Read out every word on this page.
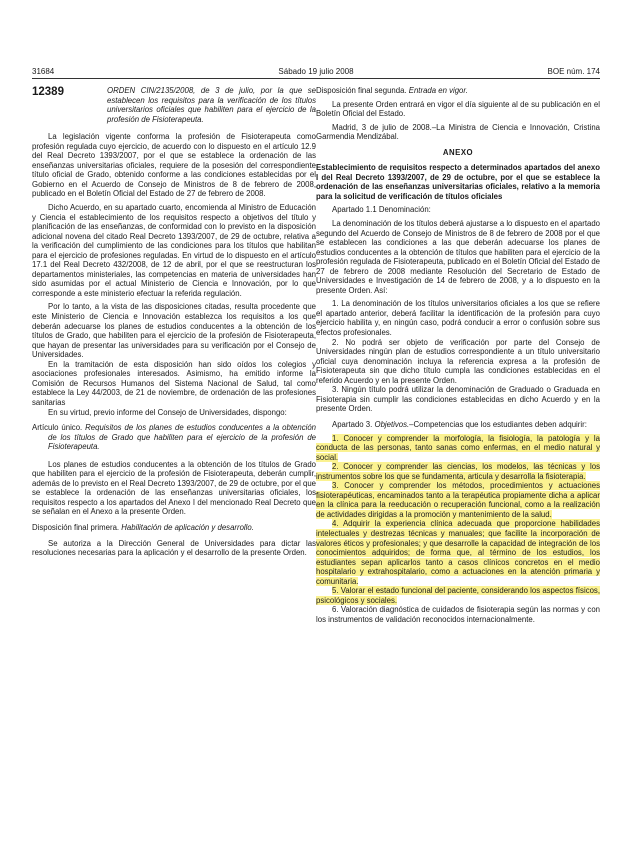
31684	Sábado 19 julio 2008	BOE núm. 174
12389	ORDEN CIN/2135/2008, de 3 de julio, por la que se establecen los requisitos para la verificación de los títulos universitarios oficiales que habiliten para el ejercicio de la profesión de Fisioterapeuta.

La legislación vigente conforma la profesión de Fisioterapeuta como profesión regulada cuyo ejercicio, de acuerdo con lo dispuesto en el artículo 12.9 del Real Decreto 1393/2007, por el que se establece la ordenación de las enseñanzas universitarias oficiales, requiere de la posesión del correspondiente título oficial de Grado, obtenido conforme a las condiciones establecidas por el Gobierno en el Acuerdo de Consejo de Ministros de 8 de febrero de 2008, publicado en el Boletín Oficial del Estado de 27 de febrero de 2008.

Dicho Acuerdo, en su apartado cuarto, encomienda al Ministro de Educación y Ciencia el establecimiento de los requisitos respecto a objetivos del título y planificación de las enseñanzas, de conformidad con lo previsto en la disposición adicional novena del citado Real Decreto 1393/2007, de 29 de octubre, relativa a la verificación del cumplimiento de las condiciones para los títulos que habilitan para el ejercicio de profesiones reguladas. En virtud de lo dispuesto en el artículo 17.1 del Real Decreto 432/2008, de 12 de abril, por el que se reestructuran los departamentos ministeriales, las competencias en materia de universidades han sido asumidas por el actual Ministerio de Ciencia e Innovación, por lo que corresponde a este ministerio efectuar la referida regulación.

Por lo tanto, a la vista de las disposiciones citadas, resulta procedente que este Ministerio de Ciencia e Innovación establezca los requisitos a los que deberán adecuarse los planes de estudios conducentes a la obtención de los títulos de Grado, que habiliten para el ejercicio de la profesión de Fisioterapeuta, que hayan de presentar las universidades para su verificación por el Consejo de Universidades.

En la tramitación de esta disposición han sido oídos los colegios y asociaciones profesionales interesados. Asimismo, ha emitido informe la Comisión de Recursos Humanos del Sistema Nacional de Salud, tal como establece la Ley 44/2003, de 21 de noviembre, de ordenación de las profesiones sanitarias

En su virtud, previo informe del Consejo de Universidades, dispongo:

Artículo único. Requisitos de los planes de estudios conducentes a la obtención de los títulos de Grado que habiliten para el ejercicio de la profesión de Fisioterapeuta.

Los planes de estudios conducentes a la obtención de los títulos de Grado que habiliten para el ejercicio de la profesión de Fisioterapeuta, deberán cumplir, además de lo previsto en el Real Decreto 1393/2007, de 29 de octubre, por el que se establece la ordenación de las enseñanzas universitarias oficiales, los requisitos respecto a los apartados del Anexo I del mencionado Real Decreto que se señalan en el Anexo a la presente Orden.

Disposición final primera. Habilitación de aplicación y desarrollo.

Se autoriza a la Dirección General de Universidades para dictar las resoluciones necesarias para la aplicación y el desarrollo de la presente Orden.

Disposición final segunda. Entrada en vigor.

La presente Orden entrará en vigor el día siguiente al de su publicación en el Boletín Oficial del Estado.

Madrid, 3 de julio de 2008.–La Ministra de Ciencia e Innovación, Cristina Garmendia Mendizábal.

ANEXO

Establecimiento de requisitos respecto a determinados apartados del anexo I del Real Decreto 1393/2007, de 29 de octubre, por el que se establece la ordenación de las enseñanzas universitarias oficiales, relativo a la memoria para la solicitud de verificación de títulos oficiales

Apartado 1.1 Denominación:

La denominación de los títulos deberá ajustarse a lo dispuesto en el apartado segundo del Acuerdo de Consejo de Ministros de 8 de febrero de 2008 por el que se establecen las condiciones a las que deberán adecuarse los planes de estudios conducentes a la obtención de títulos que habiliten para el ejercicio de la profesión regulada de Fisioterapeuta, publicado en el Boletín Oficial del Estado de 27 de febrero de 2008 mediante Resolución del Secretario de Estado de Universidades e Investigación de 14 de febrero de 2008, y a lo dispuesto en la presente Orden. Así:

1. La denominación de los títulos universitarios oficiales a los que se refiere el apartado anterior, deberá facilitar la identificación de la profesión para cuyo ejercicio habilita y, en ningún caso, podrá conducir a error o confusión sobre sus efectos profesionales.

2. No podrá ser objeto de verificación por parte del Consejo de Universidades ningún plan de estudios correspondiente a un título universitario oficial cuya denominación incluya la referencia expresa a la profesión de Fisioterapeuta sin que dicho título cumpla las condiciones establecidas en el referido Acuerdo y en la presente Orden.

3. Ningún título podrá utilizar la denominación de Graduado o Graduada en Fisioterapia sin cumplir las condiciones establecidas en dicho Acuerdo y en la presente Orden.

Apartado 3. Objetivos.–Competencias que los estudiantes deben adquirir:

1. Conocer y comprender la morfología, la fisiología, la patología y la conducta de las personas, tanto sanas como enfermas, en el medio natural y social.

2. Conocer y comprender las ciencias, los modelos, las técnicas y los instrumentos sobre los que se fundamenta, articula y desarrolla la fisioterapia.

3. Conocer y comprender los métodos, procedimientos y actuaciones fisioterapéuticas, encaminados tanto a la terapéutica propiamente dicha a aplicar en la clínica para la reeducación o recuperación funcional, como a la realización de actividades dirigidas a la promoción y mantenimiento de la salud.

4. Adquirir la experiencia clínica adecuada que proporcione habilidades intelectuales y destrezas técnicas y manuales; que facilite la incorporación de valores éticos y profesionales; y que desarrolle la capacidad de integración de los conocimientos adquiridos; de forma que, al término de los estudios, los estudiantes sepan aplicarlos tanto a casos clínicos concretos en el medio hospitalario y extrahospitalario, como a actuaciones en la atención primaria y comunitaria.

5. Valorar el estado funcional del paciente, considerando los aspectos físicos, psicológicos y sociales.

6. Valoración diagnóstica de cuidados de fisioterapia según las normas y con los instrumentos de validación reconocidos internacionalmente.
